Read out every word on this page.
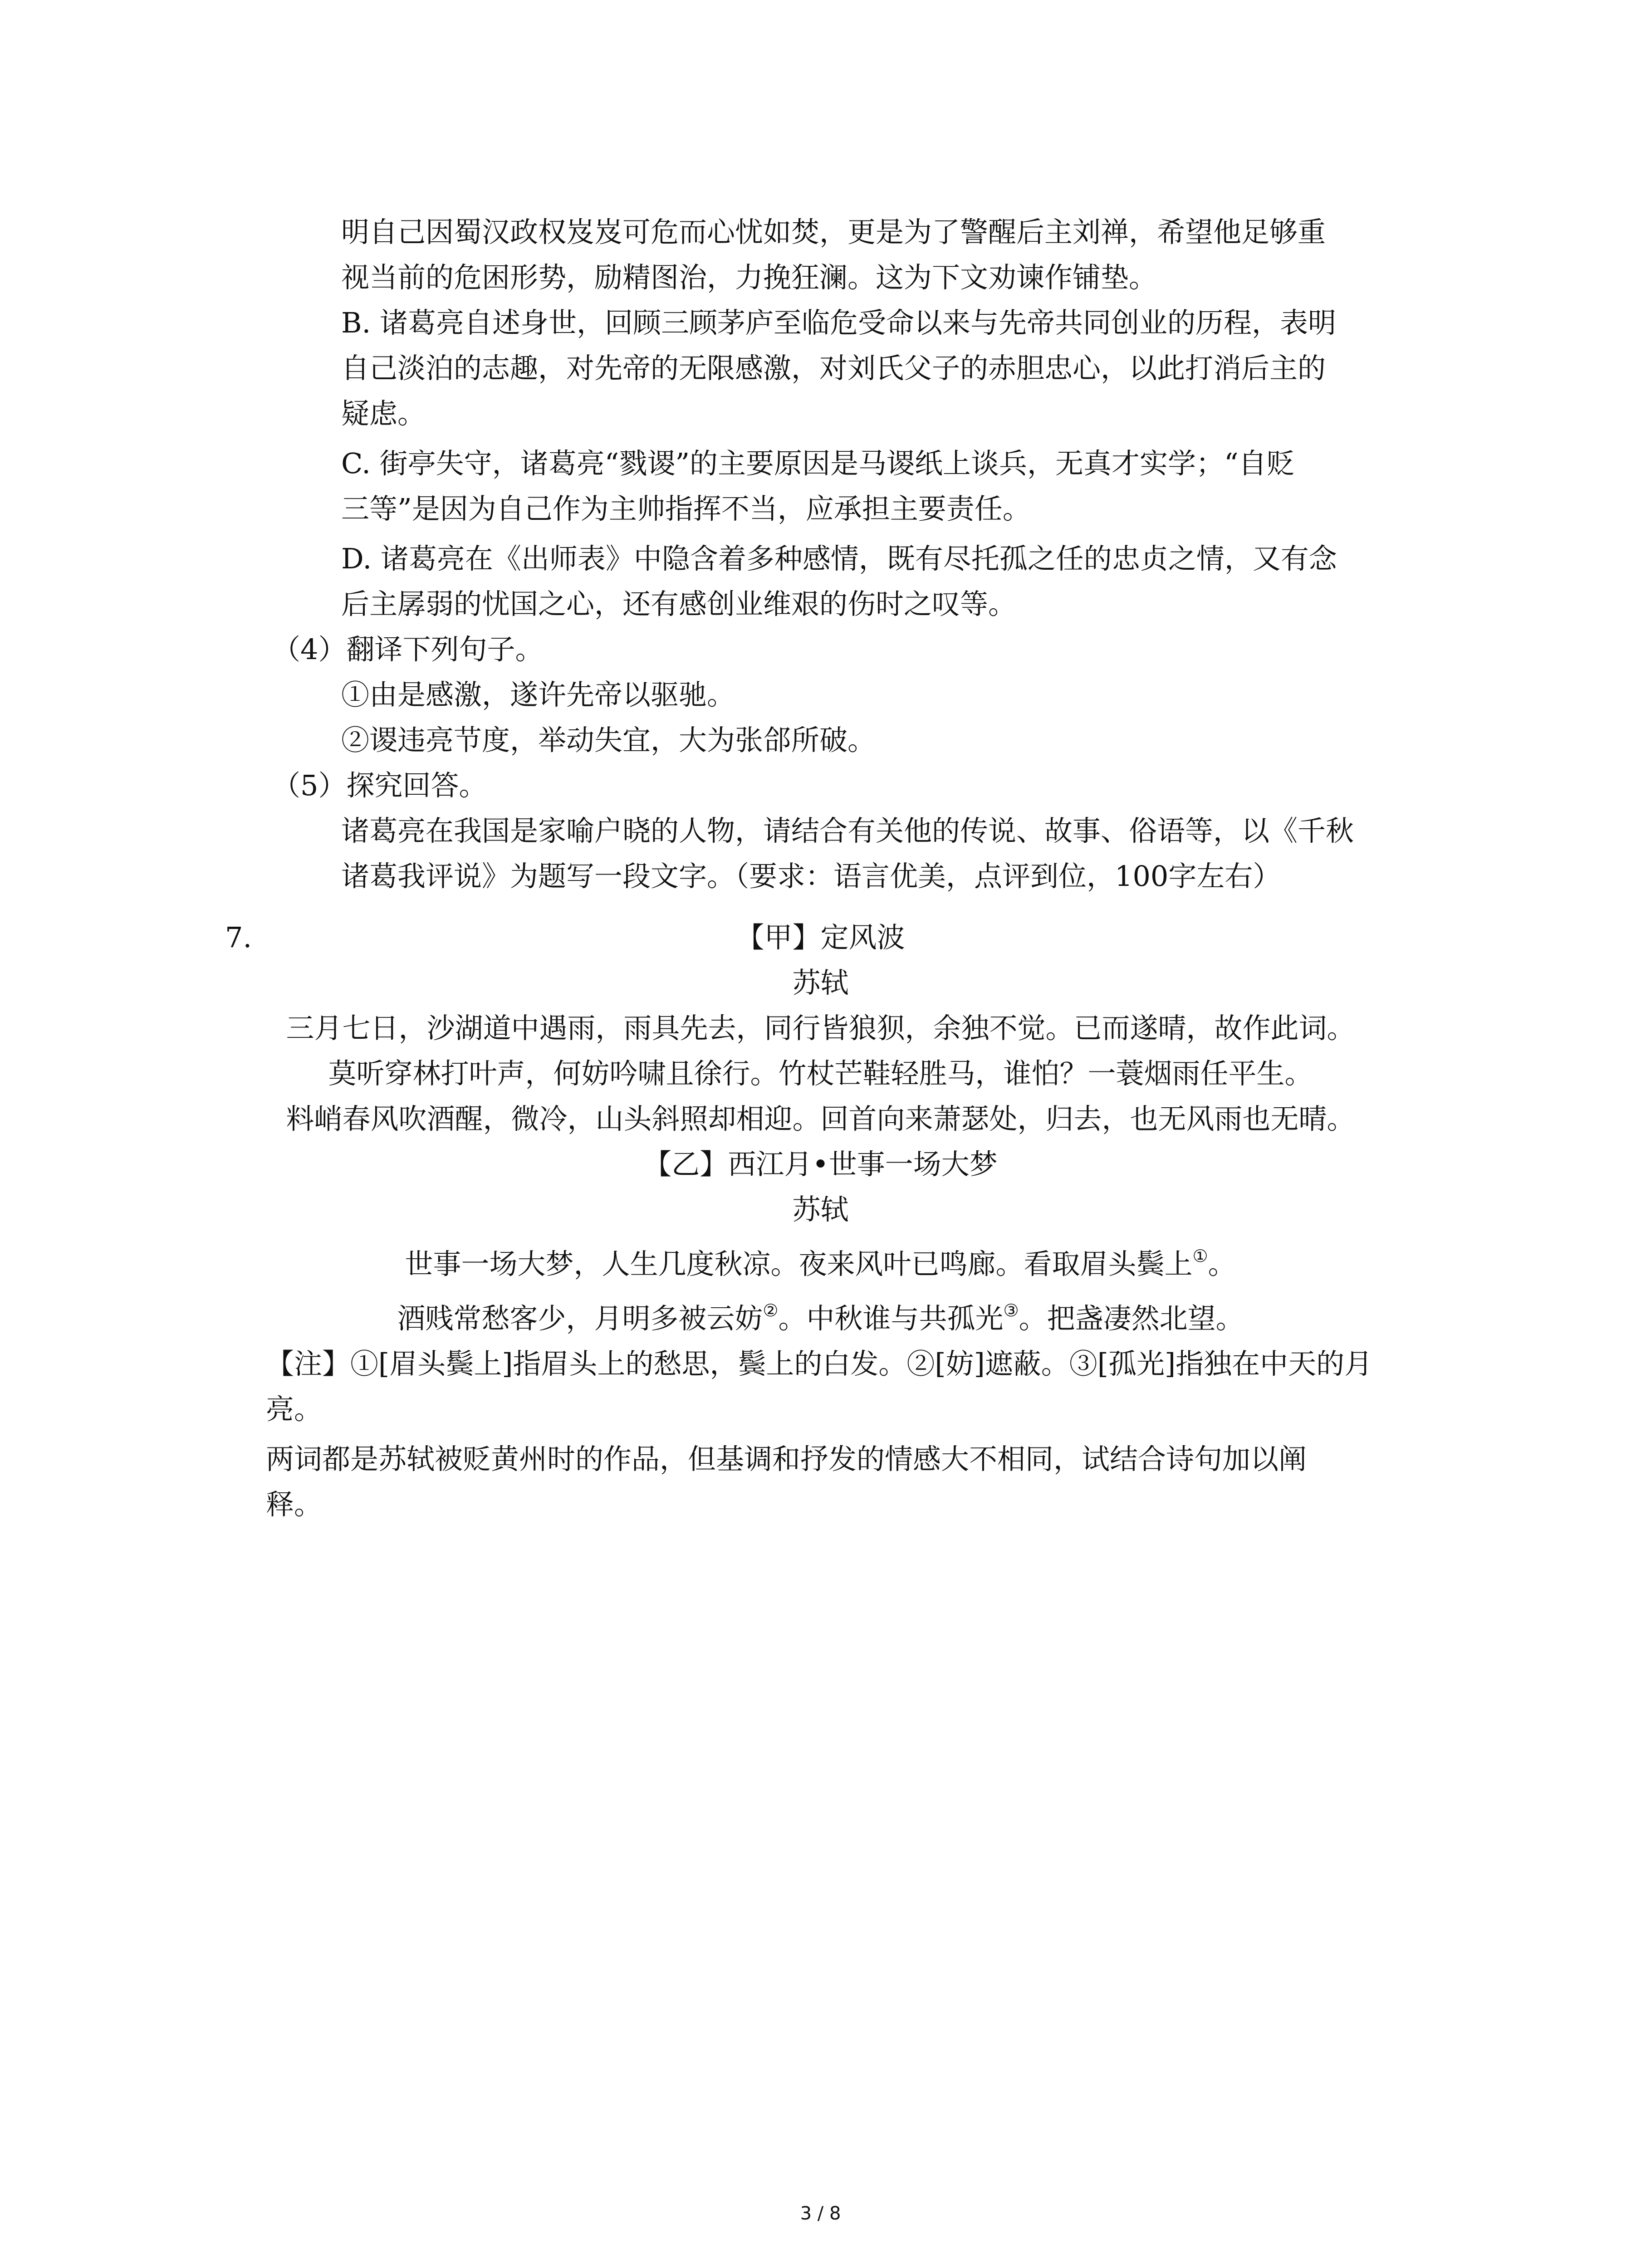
明自己因蜀汉政权岌岌可危而心忧如焚，更是为了警醒后主刘禅，希望他足够重
视当前的危困形势，励精图治，力挽狂澜。这为下文劝谏作铺垫。
B. 诸葛亮自述身世，回顾三顾茅庐至临危受命以来与先帝共同创业的历程，表明
自己淡泊的志趣，对先帝的无限感激，对刘氏父子的赤胆忠心，以此打消后主的
疑虑。
C. 街亭失守，诸葛亮“戮谡”的主要原因是马谡纸上谈兵，无真才实学；“自贬
三等”是因为自己作为主帅指挥不当，应承担主要责任。
D. 诸葛亮在《出师表》中隐含着多种感情，既有尽托孤之任的忠贞之情，又有念
后主孱弱的忧国之心，还有感创业维艰的伤时之叹等。
（4）翻译下列句子。
①由是感激，遂许先帝以驱驰。
②谡违亮节度，举动失宜，大为张郃所破。
（5）探究回答。
诸葛亮在我国是家喻户晓的人物，请结合有关他的传说、故事、俗语等，以《千秋
诸葛我评说》为题写一段文字。（要求：语言优美，点评到位，100字左右）
7.	【甲】定风波
苏轼
三月七日，沙湖道中遇雨，雨具先去，同行皆狼狈，余独不觉。已而遂晴，故作此词。
莫听穿林打叶声，何妨吟啸且徐行。竹杖芒鞋轻胜马，谁怕？一蓑烟雨任平生。
料峭春风吹酒醒，微冷，山头斜照却相迎。回首向来萧瑟处，归去，也无风雨也无晴。
【乙】西江月•世事一场大梦
苏轼
世事一场大梦，人生几度秋凉。夜来风叶已鸣廊。看取眉头鬓上①。
酒贱常愁客少，月明多被云妨②。中秋谁与共孤光③。把盏凄然北望。
【注】①[眉头鬓上]指眉头上的愁思，鬓上的白发。②[妨]遮蔽。③[孤光]指独在中天的月
亮。
两词都是苏轼被贬黄州时的作品，但基调和抒发的情感大不相同，试结合诗句加以阐
释。
3 / 8
